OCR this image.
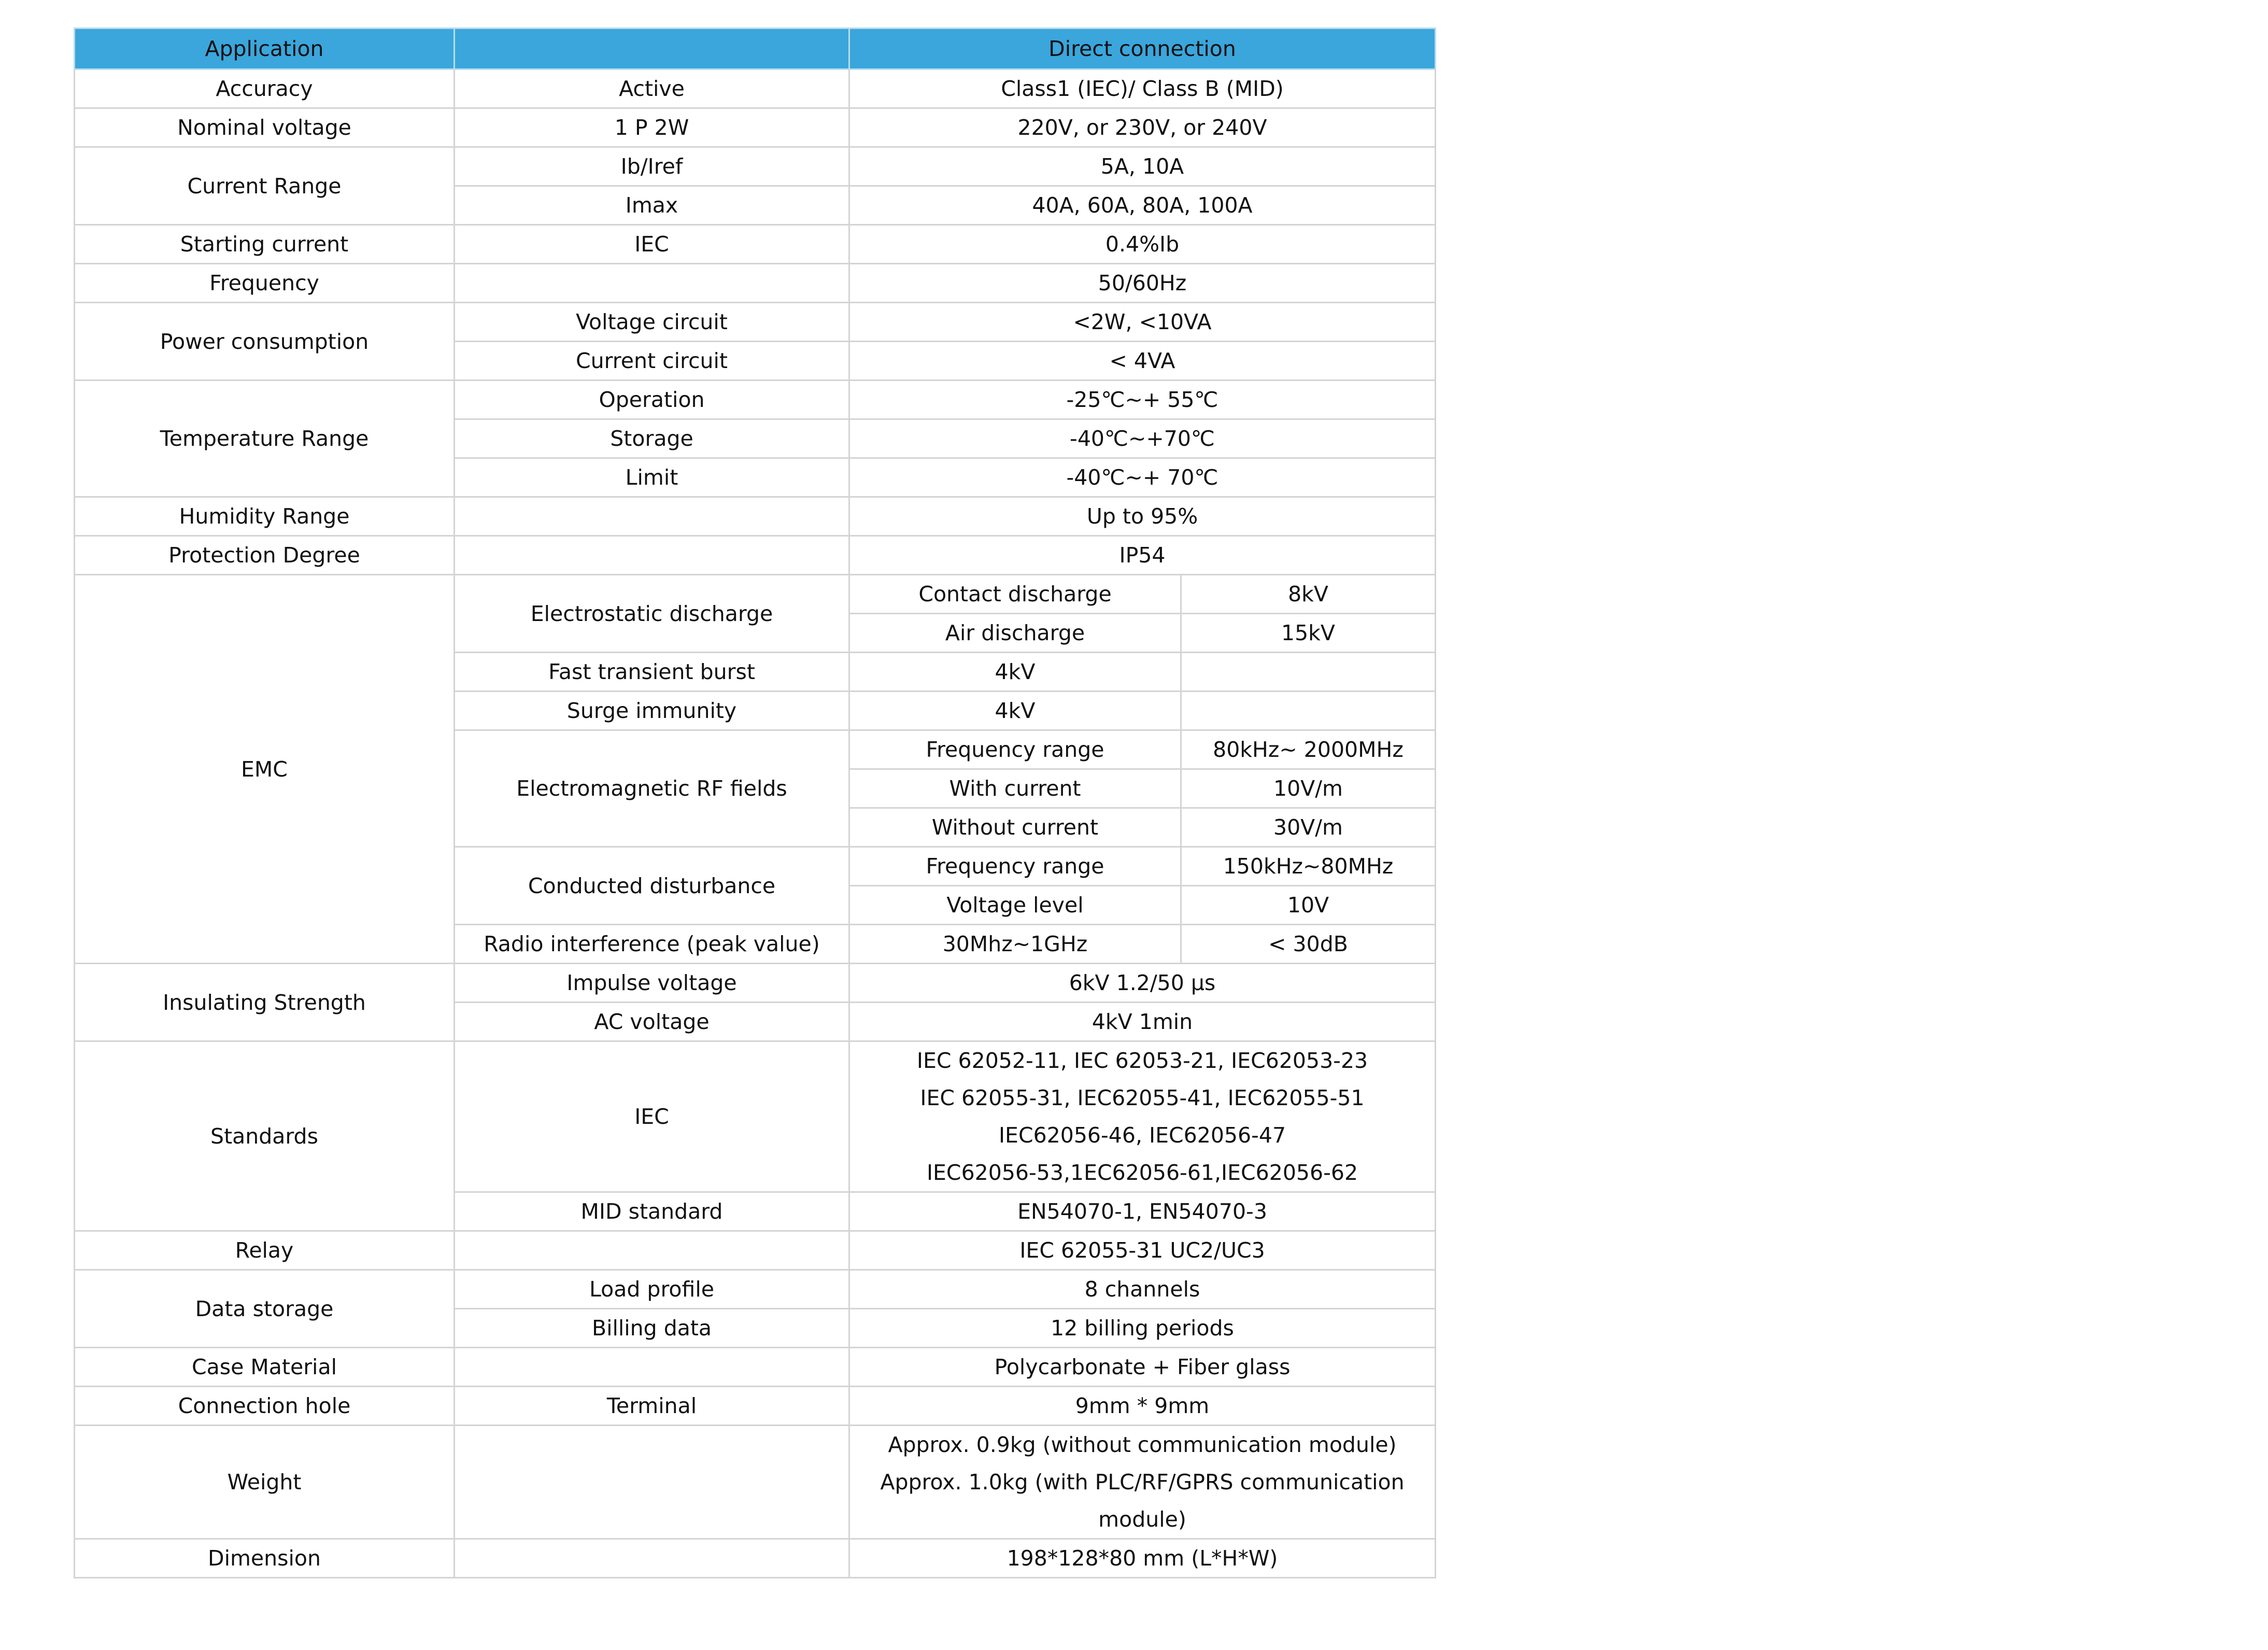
Application		Direct connection	
Accuracy	Active	Class1 (IEC)/ Class B (MID)	
Nominal voltage	1 P 2W	220V, or 230V, or 240V	
Current Range	Ib/Iref	5A, 10A	
	Imax	40A, 60A, 80A, 100A	
Starting current	IEC	0.4%Ib	
Frequency		50/60Hz	
Power consumption	Voltage circuit	<2W, <10VA	
	Current circuit	< 4VA	
Temperature Range	Operation	-25℃~+ 55℃	
	Storage	-40℃~+70℃	
	Limit	-40℃~+ 70℃	
Humidity Range		Up to 95%	
Protection Degree		IP54	
EMC	Electrostatic discharge	Contact discharge	8kV
		Air discharge	15kV
	Fast transient burst	4kV	
	Surge immunity	4kV	
	Electromagnetic RF fields	Frequency range	80kHz~ 2000MHz
		With current	10V/m
		Without current	30V/m
	Conducted disturbance	Frequency range	150kHz~80MHz
		Voltage level	10V
	Radio interference (peak value)	30Mhz~1GHz	< 30dB
Insulating Strength	Impulse voltage	6kV 1.2/50 μs	
	AC voltage	4kV 1min	
Standards	IEC	IEC 62052-11, IEC 62053-21, IEC62053-23
IEC 62055-31, IEC62055-41, IEC62055-51
IEC62056-46, IEC62056-47
IEC62056-53,1EC62056-61,IEC62056-62	

	MID standard	EN54070-1, EN54070-3	
Relay		IEC 62055-31 UC2/UC3	
Data storage	Load profile	8 channels	
	Billing data	12 billing periods	
Case Material		Polycarbonate + Fiber glass	
Connection hole	Terminal	9mm * 9mm	
Weight		Approx. 0.9kg (without communication module)
Approx. 1.0kg (with PLC/RF/GPRS communication
module)	

Dimension		198*128*80 mm (L*H*W)	
